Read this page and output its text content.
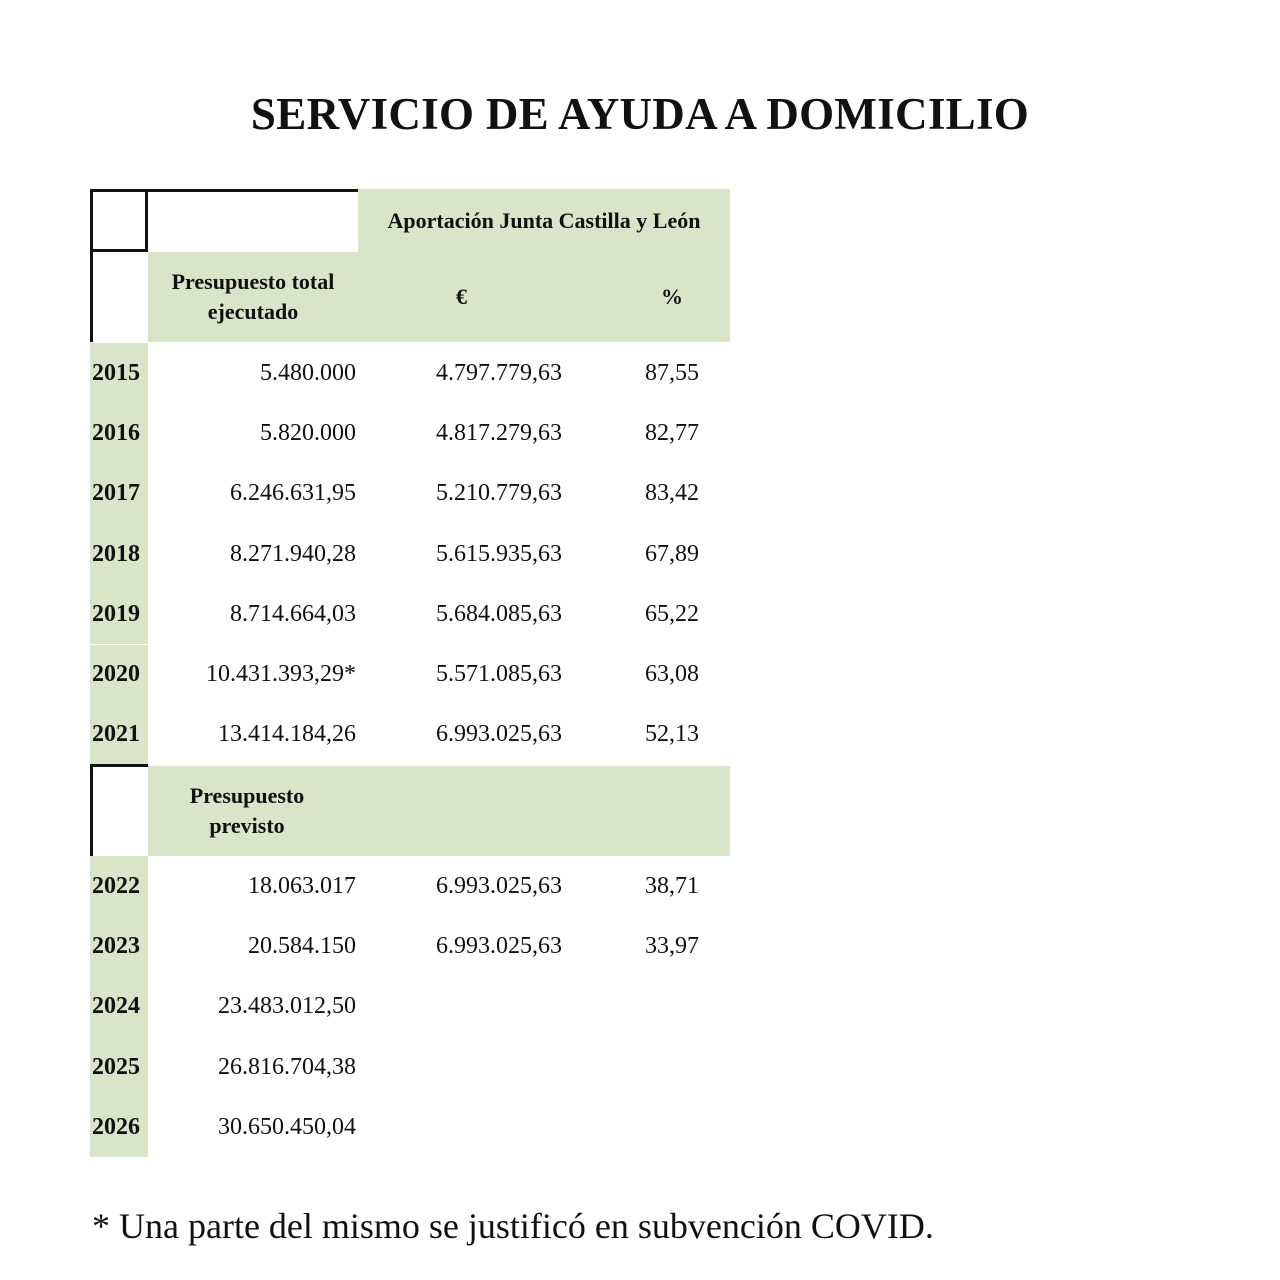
SERVICIO DE AYUDA A DOMICILIO
Aportación Junta Castilla y León
Presupuesto total
ejecutado
€	%
2015	5.480.000	4.797.779,63	87,55
2016	5.820.000	4.817.279,63	82,77
2017	6.246.631,95	5.210.779,63	83,42
2018	8.271.940,28	5.615.935,63	67,89
2019	8.714.664,03	5.684.085,63	65,22
2020	10.431.393,29*	5.571.085,63	63,08
2021	13.414.184,26	6.993.025,63	52,13
Presupuesto
previsto
2022	18.063.017	6.993.025,63	38,71
2023	20.584.150	6.993.025,63	33,97
2024	23.483.012,50
2025	26.816.704,38
2026	30.650.450,04
* Una parte del mismo se justificó en subvención COVID.
